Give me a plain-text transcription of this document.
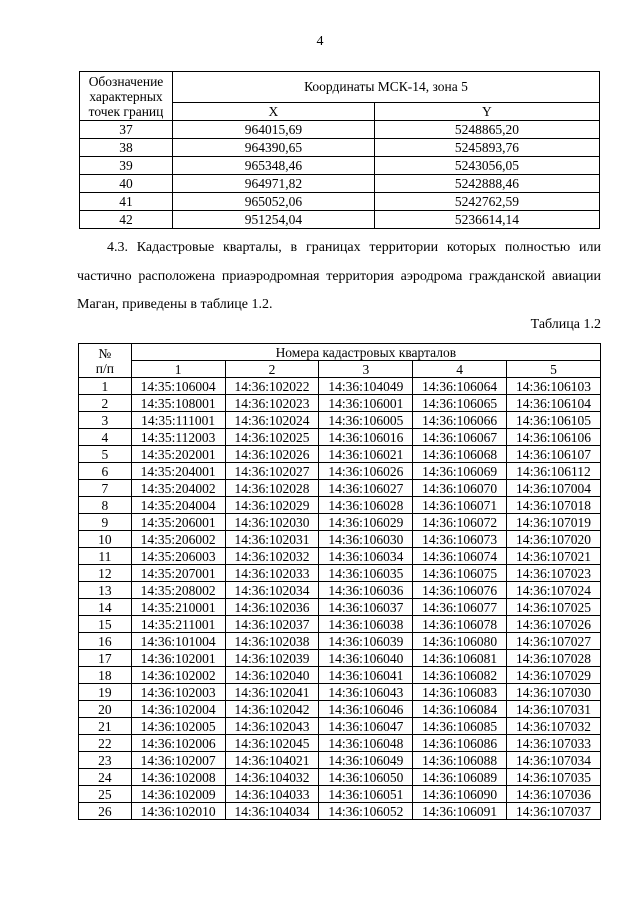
4
Обозначение
характерных
точек границ	Координаты МСК-14, зона 5	
	X	Y
37	964015,69	5248865,20
38	964390,65	5245893,76
39	965348,46	5243056,05
40	964971,82	5242888,46
41	965052,06	5242762,59
42	951254,04	5236614,14
4.3. Кадастровые кварталы, в границах территории которых полностью или
частично расположена приаэродромная территория аэродрома гражданской авиации
Маган, приведены в таблице 1.2.
Таблица 1.2
№
п/п	Номера кадастровых кварталов				
	1	2	3	4	5
1	14:35:106004	14:36:102022	14:36:104049	14:36:106064	14:36:106103
2	14:35:108001	14:36:102023	14:36:106001	14:36:106065	14:36:106104
3	14:35:111001	14:36:102024	14:36:106005	14:36:106066	14:36:106105
4	14:35:112003	14:36:102025	14:36:106016	14:36:106067	14:36:106106
5	14:35:202001	14:36:102026	14:36:106021	14:36:106068	14:36:106107
6	14:35:204001	14:36:102027	14:36:106026	14:36:106069	14:36:106112
7	14:35:204002	14:36:102028	14:36:106027	14:36:106070	14:36:107004
8	14:35:204004	14:36:102029	14:36:106028	14:36:106071	14:36:107018
9	14:35:206001	14:36:102030	14:36:106029	14:36:106072	14:36:107019
10	14:35:206002	14:36:102031	14:36:106030	14:36:106073	14:36:107020
11	14:35:206003	14:36:102032	14:36:106034	14:36:106074	14:36:107021
12	14:35:207001	14:36:102033	14:36:106035	14:36:106075	14:36:107023
13	14:35:208002	14:36:102034	14:36:106036	14:36:106076	14:36:107024
14	14:35:210001	14:36:102036	14:36:106037	14:36:106077	14:36:107025
15	14:35:211001	14:36:102037	14:36:106038	14:36:106078	14:36:107026
16	14:36:101004	14:36:102038	14:36:106039	14:36:106080	14:36:107027
17	14:36:102001	14:36:102039	14:36:106040	14:36:106081	14:36:107028
18	14:36:102002	14:36:102040	14:36:106041	14:36:106082	14:36:107029
19	14:36:102003	14:36:102041	14:36:106043	14:36:106083	14:36:107030
20	14:36:102004	14:36:102042	14:36:106046	14:36:106084	14:36:107031
21	14:36:102005	14:36:102043	14:36:106047	14:36:106085	14:36:107032
22	14:36:102006	14:36:102045	14:36:106048	14:36:106086	14:36:107033
23	14:36:102007	14:36:104021	14:36:106049	14:36:106088	14:36:107034
24	14:36:102008	14:36:104032	14:36:106050	14:36:106089	14:36:107035
25	14:36:102009	14:36:104033	14:36:106051	14:36:106090	14:36:107036
26	14:36:102010	14:36:104034	14:36:106052	14:36:106091	14:36:107037
